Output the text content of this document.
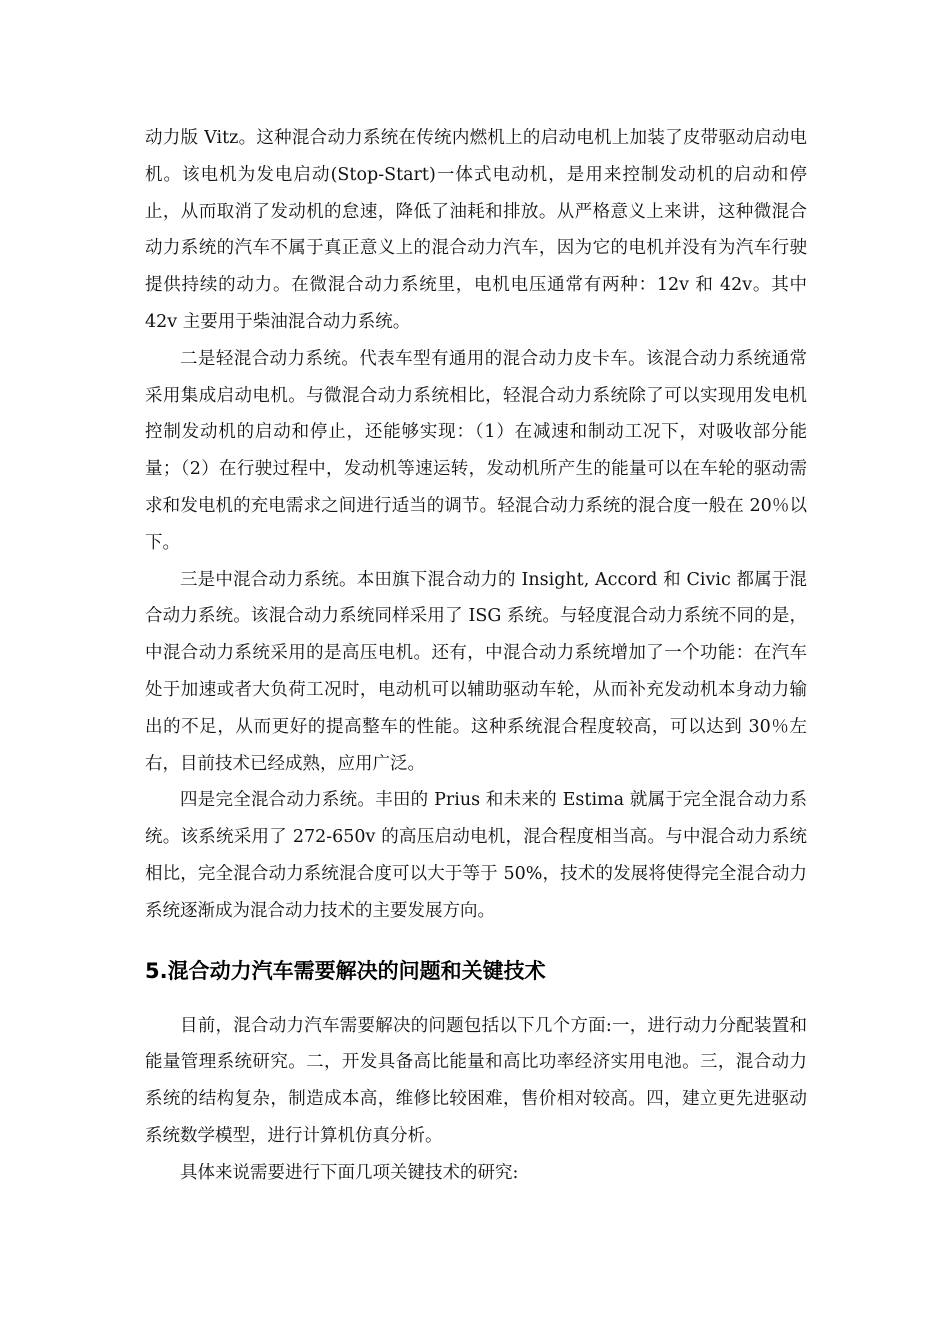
动力版 Vitz。这种混合动力系统在传统内燃机上的启动电机上加装了皮带驱动启动电机。该电机为发电启动(Stop-Start)一体式电动机，是用来控制发动机的启动和停止，从而取消了发动机的怠速，降低了油耗和排放。从严格意义上来讲，这种微混合动力系统的汽车不属于真正意义上的混合动力汽车，因为它的电机并没有为汽车行驶提供持续的动力。在微混合动力系统里，电机电压通常有两种：12v 和 42v。其中 42v 主要用于柴油混合动力系统。

二是轻混合动力系统。代表车型有通用的混合动力皮卡车。该混合动力系统通常采用集成启动电机。与微混合动力系统相比，轻混合动力系统除了可以实现用发电机控制发动机的启动和停止，还能够实现：（1）在减速和制动工况下，对吸收部分能量；（2）在行驶过程中，发动机等速运转，发动机所产生的能量可以在车轮的驱动需求和发电机的充电需求之间进行适当的调节。轻混合动力系统的混合度一般在 20％以下。

三是中混合动力系统。本田旗下混合动力的 Insight, Accord 和 Civic 都属于混合动力系统。该混合动力系统同样采用了 ISG 系统。与轻度混合动力系统不同的是，中混合动力系统采用的是高压电机。还有，中混合动力系统增加了一个功能：在汽车处于加速或者大负荷工况时，电动机可以辅助驱动车轮，从而补充发动机本身动力输出的不足，从而更好的提高整车的性能。这种系统混合程度较高，可以达到 30％左右，目前技术已经成熟，应用广泛。

四是完全混合动力系统。丰田的 Prius 和未来的 Estima 就属于完全混合动力系统。该系统采用了 272-650v 的高压启动电机，混合程度相当高。与中混合动力系统相比，完全混合动力系统混合度可以大于等于 50%，技术的发展将使得完全混合动力系统逐渐成为混合动力技术的主要发展方向。

5.混合动力汽车需要解决的问题和关键技术

目前，混合动力汽车需要解决的问题包括以下几个方面:一，进行动力分配装置和能量管理系统研究。二，开发具备高比能量和高比功率经济实用电池。三，混合动力系统的结构复杂，制造成本高，维修比较困难，售价相对较高。四，建立更先进驱动系统数学模型，进行计算机仿真分析。

具体来说需要进行下面几项关键技术的研究:
